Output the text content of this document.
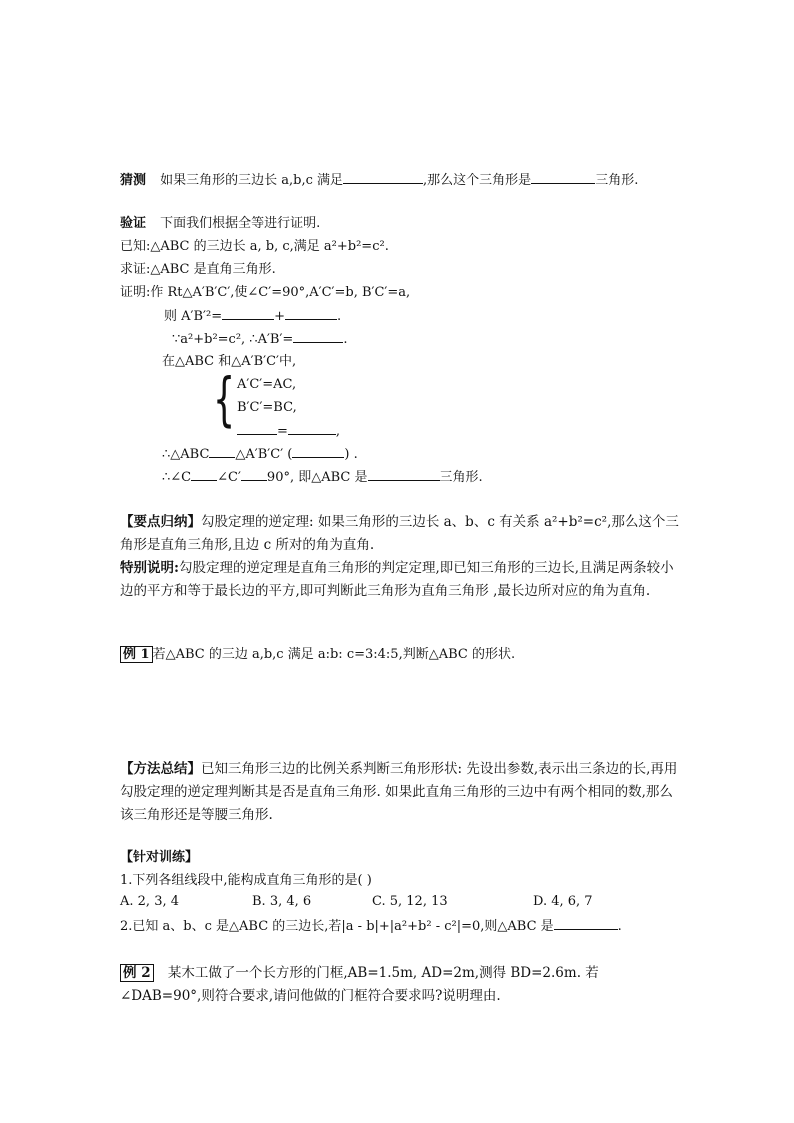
猜测 如果三角形的三边长 a,b,c 满足	,那么这个三角形是	三角形.
验证 下面我们根据全等进行证明.
已知:△ABC 的三边长 a, b, c,满足 a²+b²=c².
求证:△ABC 是直角三角形.
证明:作 Rt△A′B′C′,使∠C′=90°,A′C′=b, B′C′=a,
则 A′B′²=	+	.
∵a²+b²=c², ∴A′B′=	.
在△ABC 和△A′B′C′中,
{ A′C′=AC,
B′C′=BC,
=	,
∴△ABC △A′B′C′ (	) .
∴∠C ∠C′ 90°, 即△ABC 是	三角形.
【要点归纳】勾股定理的逆定理: 如果三角形的三边长 a、b、c 有关系 a²+b²=c²,那么这个三角形是直角三角形,且边 c 所对的角为直角.
特别说明:勾股定理的逆定理是直角三角形的判定定理,即已知三角形的三边长,且满足两条较小边的平方和等于最长边的平方,即可判断此三角形为直角三角形 ,最长边所对应的角为直角.
例 1 若△ABC 的三边 a,b,c 满足 a:b: c=3:4:5,判断△ABC 的形状.
【方法总结】已知三角形三边的比例关系判断三角形形状: 先设出参数,表示出三条边的长,再用勾股定理的逆定理判断其是否是直角三角形. 如果此直角三角形的三边中有两个相同的数,那么该三角形还是等腰三角形.
【针对训练】
1.下列各组线段中,能构成直角三角形的是( )
A. 2, 3, 4	B. 3, 4, 6	C. 5, 12, 13	D. 4, 6, 7
2.已知 a、b、c 是△ABC 的三边长,若|a - b|+|a²+b² - c²|=0,则△ABC 是	.
例 2 某木工做了一个长方形的门框,AB=1.5m, AD=2m,测得 BD=2.6m. 若∠DAB=90°,则符合要求,请问他做的门框符合要求吗?说明理由.
